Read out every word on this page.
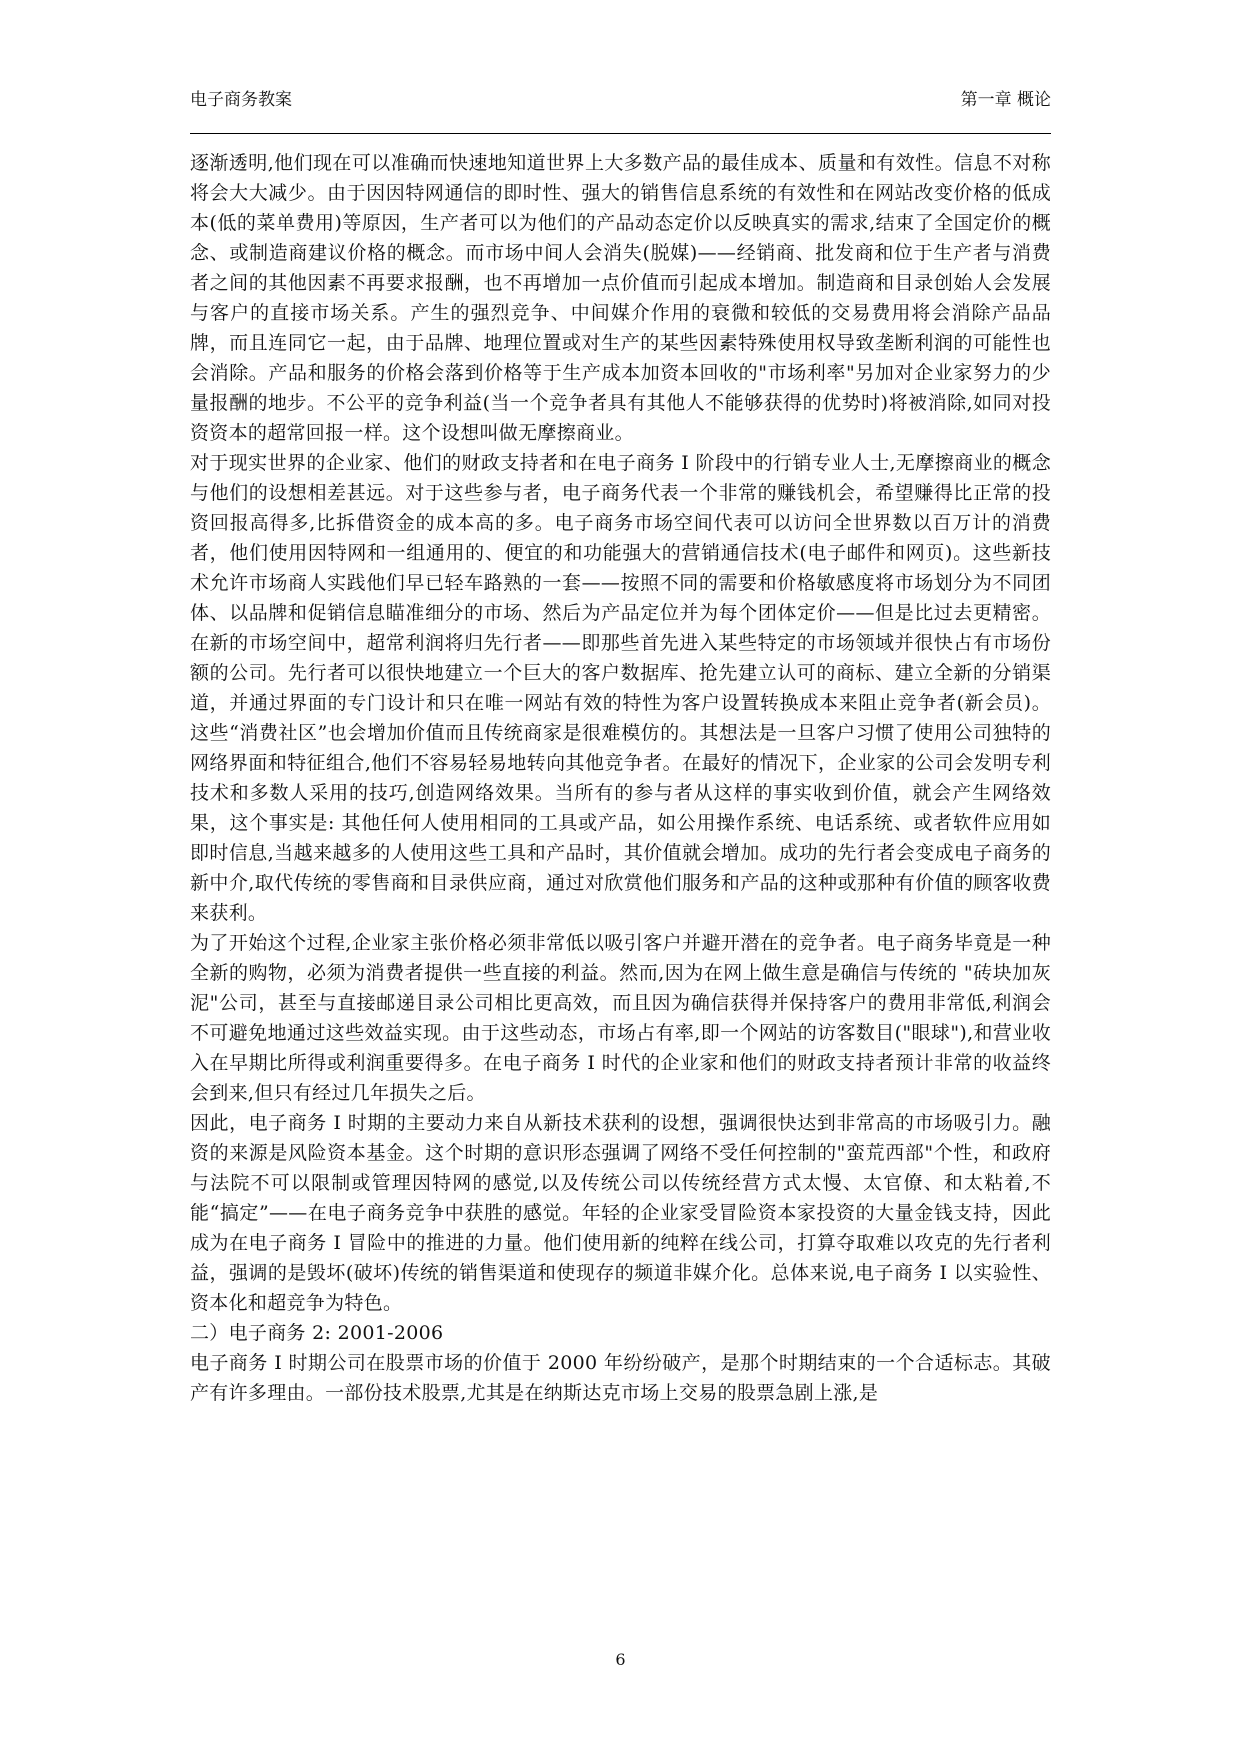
电子商务教案	第一章 概论

逐渐透明,他们现在可以准确而快速地知道世界上大多数产品的最佳成本、质量和有效性。信息不对称将会大大减少。由于因因特网通信的即时性、强大的销售信息系统的有效性和在网站改变价格的低成本(低的菜单费用)等原因，生产者可以为他们的产品动态定价以反映真实的需求,结束了全国定价的概念、或制造商建议价格的概念。而市场中间人会消失(脱媒)——经销商、批发商和位于生产者与消费者之间的其他因素不再要求报酬，也不再增加一点价值而引起成本增加。制造商和目录创始人会发展与客户的直接市场关系。产生的强烈竞争、中间媒介作用的衰微和较低的交易费用将会消除产品品牌，而且连同它一起，由于品牌、地理位置或对生产的某些因素特殊使用权导致垄断利润的可能性也会消除。产品和服务的价格会落到价格等于生产成本加资本回收的"市场利率"另加对企业家努力的少量报酬的地步。不公平的竞争利益(当一个竞争者具有其他人不能够获得的优势时)将被消除,如同对投资资本的超常回报一样。这个设想叫做无摩擦商业。

对于现实世界的企业家、他们的财政支持者和在电子商务 I 阶段中的行销专业人士,无摩擦商业的概念与他们的设想相差甚远。对于这些参与者，电子商务代表一个非常的赚钱机会，希望赚得比正常的投资回报高得多,比拆借资金的成本高的多。电子商务市场空间代表可以访问全世界数以百万计的消费者，他们使用因特网和一组通用的、便宜的和功能强大的营销通信技术(电子邮件和网页)。这些新技术允许市场商人实践他们早已轻车路熟的一套——按照不同的需要和价格敏感度将市场划分为不同团体、以品牌和促销信息瞄准细分的市场、然后为产品定位并为每个团体定价——但是比过去更精密。在新的市场空间中，超常利润将归先行者——即那些首先进入某些特定的市场领域并很快占有市场份额的公司。先行者可以很快地建立一个巨大的客户数据库、抢先建立认可的商标、建立全新的分销渠道，并通过界面的专门设计和只在唯一网站有效的特性为客户设置转换成本来阻止竞争者(新会员)。这些“消费社区”也会增加价值而且传统商家是很难模仿的。其想法是一旦客户习惯了使用公司独特的网络界面和特征组合,他们不容易轻易地转向其他竞争者。在最好的情况下，企业家的公司会发明专利技术和多数人采用的技巧,创造网络效果。当所有的参与者从这样的事实收到价值，就会产生网络效果，这个事实是: 其他任何人使用相同的工具或产品，如公用操作系统、电话系统、或者软件应用如即时信息,当越来越多的人使用这些工具和产品时，其价值就会增加。成功的先行者会变成电子商务的新中介,取代传统的零售商和目录供应商，通过对欣赏他们服务和产品的这种或那种有价值的顾客收费来获利。

为了开始这个过程,企业家主张价格必须非常低以吸引客户并避开潜在的竞争者。电子商务毕竟是一种全新的购物，必须为消费者提供一些直接的利益。然而,因为在网上做生意是确信与传统的 "砖块加灰泥"公司，甚至与直接邮递目录公司相比更高效，而且因为确信获得并保持客户的费用非常低,利润会不可避免地通过这些效益实现。由于这些动态，市场占有率,即一个网站的访客数目("眼球"),和营业收入在早期比所得或利润重要得多。在电子商务 I 时代的企业家和他们的财政支持者预计非常的收益终会到来,但只有经过几年损失之后。

因此，电子商务 I 时期的主要动力来自从新技术获利的设想，强调很快达到非常高的市场吸引力。融资的来源是风险资本基金。这个时期的意识形态强调了网络不受任何控制的"蛮荒西部"个性，和政府与法院不可以限制或管理因特网的感觉,以及传统公司以传统经营方式太慢、太官僚、和太粘着,不能“搞定”——在电子商务竞争中获胜的感觉。年轻的企业家受冒险资本家投资的大量金钱支持，因此成为在电子商务 I 冒险中的推进的力量。他们使用新的纯粹在线公司，打算夺取难以攻克的先行者利益，强调的是毁坏(破坏)传统的销售渠道和使现存的频道非媒介化。总体来说,电子商务 I 以实验性、资本化和超竞争为特色。

二）电子商务 2: 2001-2006

电子商务 I 时期公司在股票市场的价值于 2000 年纷纷破产，是那个时期结束的一个合适标志。其破产有许多理由。一部份技术股票,尤其是在纳斯达克市场上交易的股票急剧上涨,是

6
